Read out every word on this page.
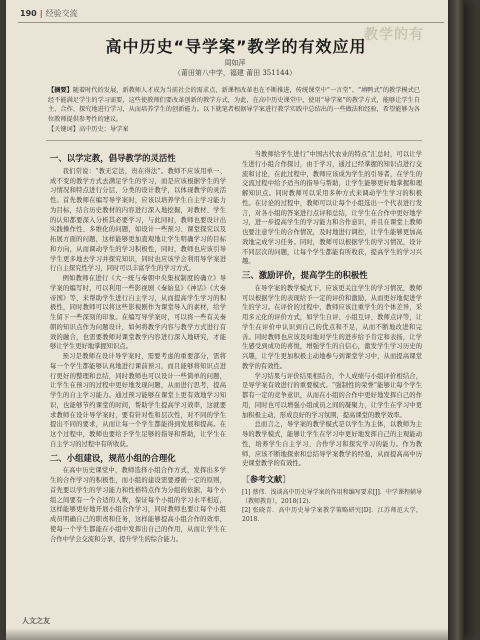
190 | 经验交流
教学的有
高中历史“导学案”教学的有效应用
周如萍
（莆田第八中学，福建 莆田 351144）
【摘要】随着时代的发展，新教师人才成为当前社会的需求点，新课程改革也在不断推进，传统课堂中“一言堂”、“填鸭式”的教学模式已经不能满足学生的学习需要，这些使教师们要改革创新的教学方式，为此，在高中历史课堂中，使用“导学案”的教学方式，能够让学生自主、合作、探究地进行学习，从而培养学生的创新能力。以下就笔者根据导学案进行教学实践中总结出的一些做法和经验，希望能够为各位教师提供参考性的建议。
【关键词】高中历史；导学案
一、以学定教，倡导教学的灵活性

我们常说：“教无定法，贵在得法”。教师不应该用单一、成不变的教学方式去满足学生的学习，而是应该根据学生的学习情况和特点进行分层、分类的设计教学，以体现教学的灵活性。首先教师在编写导学案时，应该以培养学生自主学习能力为目标，结合历史教材的内容进行深入地挖掘，对教材、学生的认知都要深入分析其必要学习，与此同时，教师也要设计出实践操作性、多维化的问题，如设计一些预习、课堂探究以及拓展方面的问题，这样能够更加直观地让学生明确学习的目标和方向，从而调动学生的学习积极性，同时，教师也应该引导学生更多地去学习并探究知识，同时也应该学会利用导学案进行自主探究性学习，同时可以丰富学生的学习方式。

例如教师在进行《大一统与秦朝中央集权制度的确立》导学案的编写时，可以利用一些影视剧《秦始皇》《神话》《大秦帝国》等，来帮助学生进行自主学习，从而提高学生学习的积极性，同时教师可以将这些影视剧作为课堂导入的素材，给学生留下一些深刻的印象。在编写导学案时，可以将一些有关秦朝的知识点作为问题设计，如何将教学内容与教学方式进行有效的融合，也需要教师对课堂教学内容进行深入地研究，才能够让学生更好地掌握知识点。

预习是教师在设计导学案时，需要考虑的重要部分，需将每一个学生都能够认真地进行课前预习，而且能够将知识点进行更好的整理和总结，同时教师也可以设计一些简单的问题，让学生在预习的过程中更好地发现问题，从而进行思考，提高学生的自主学习能力。通过预习能够在课堂上更有效地学习知识，也能够节约课堂的时间，帮助学生提高学习效率，这就要求教师在设计导学案时，要有针对性和层次性，对不同的学生提出不同的要求，从而让每一个学生都能得到发展和提高。在这个过程中，教师也要给予学生足够的指导和帮助，让学生在自主学习的过程中有所收获。

二、小组建设，规范小组的合理化

在高中历史课堂中，教师选择小组合作方式，发挥出多学生的合作学习的积极性，而小组的建设需要遵循一定的原则，首先要以学生的学习能力和性格特点作为分组的依据，每个小组之间要有一个合适的人数，保证每个小组的学习水平相近，这样能够更好地开展小组合作学习，同时教师也要让每个小组成员明确自己的职责和任务，这样能够提高小组合作的效率，使每一个学生都能在小组中发挥出自己的作用，从而让学生在合作中学会交流和分享，提升学生的综合能力。

当教师给学生进行“中国古代农业的特点”汇总时，可以让学生进行小组合作探讨，由于学习，通过已经掌握的知识点进行交流和讨论，在此过程中，教师应该成为学生的引导者，在学生的交流过程中给予适当的指导与帮助，让学生能够更好地掌握和理解知识点。同时教师可以采用多种方式来调动学生学习的积极性。在讨论的过程中，教师可以让每个小组选出一个代表进行发言，对各小组的答案进行点评和总结，让学生在合作中更好地学习，进一步提高学生的学习能力和合作意识，并且在课堂上教师也要注意学生的合作情况，及时地进行调控，让学生能够更加高效地完成学习任务。同时，教师可以根据学生的学习情况，设计不同层次的问题，让每个学生都能有所收获，提高学生的学习兴趣。

三、激励评价，提高学生的积极性

在导学案的教学模式下，应该更关注学生的学习情况，教师可以根据学生的表现给予一定的评价和激励，从而更好地促进学生的学习。在评价的过程中，教师应该注重学生的个体差异，采用多元化的评价方式，如学生自评、小组互评、教师点评等，让学生在评价中认识到自己的优点和不足，从而不断地改进和完善。同时教师也应该及时地对学生的进步给予肯定和表扬，让学生感受到成功的喜悦，增强学生的自信心，激发学生学习历史的兴趣，让学生更加积极主动地参与到课堂学习中，从而提高课堂教学的有效性。

学习结果与评价结果相结合，个人成绩与小组评价相结合，是导学案有效进行的重要模式。“强制性的荣誉”能够让每个学生都有一定的竞争意识，从而在小组的合作中更好地发挥自己的作用，同时也可以增强小组成员之间的凝聚力，让学生在学习中更加积极主动，形成良好的学习氛围，提高课堂的教学效率。

总而言之，导学案的教学模式是以学生为主体，以教师为主导的教学模式，能够让学生在学习中更好地发挥自己的主观能动性，培养学生自主学习、合作学习和探究学习的能力。作为教师，应该不断地探索和总结导学案教学的经验，从而提高高中历史课堂教学的有效性。

【参考文献】
[1] 蔡伟．浅谈高中历史导学案的作用和编写要求[J]．中学课程辅导（教师教育），2018(12).
[2] 张晓青．高中历史导学案教学策略研究[D]．江苏师范大学，2018.
人文之友
